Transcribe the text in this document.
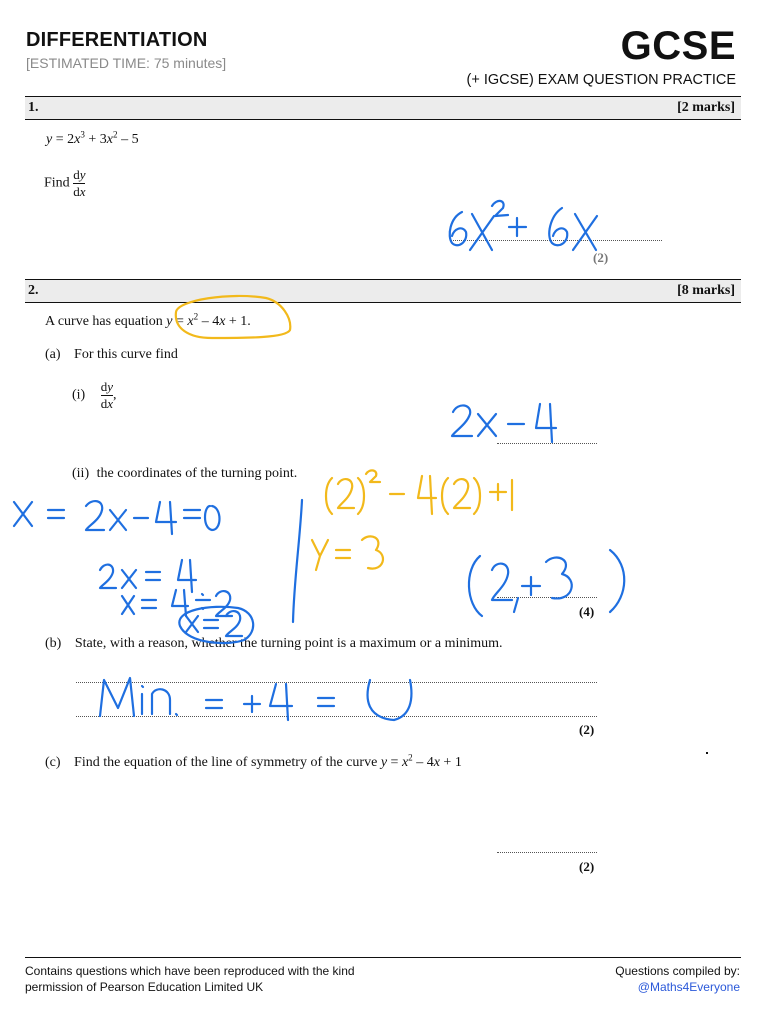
DIFFERENTIATION
[ESTIMATED TIME: 75 minutes]	GCSE
(+ IGCSE) EXAM QUESTION PRACTICE
1.	[2 marks]
$y = 2x^3 + 3x^2 - 5$
Find $\frac{dy}{dx}$
(2)
2.	[8 marks]
A curve has equation $y = x^2 - 4x + 1$.
(a) For this curve find
$(i) \frac{dy}{dx}$ ,
(ii) the coordinates of the turning point.
(4)
(b) State, with a reason, whether the turning point is a maximum or a minimum.
(2)
(c) Find the equation of the line of symmetry of the curve $y = x^2 - 4x + 1$
(2)
Contains questions which have been reproduced with the kind
permission of Pearson Education Limited UK
Questions compiled by:
@Maths4Everyone
